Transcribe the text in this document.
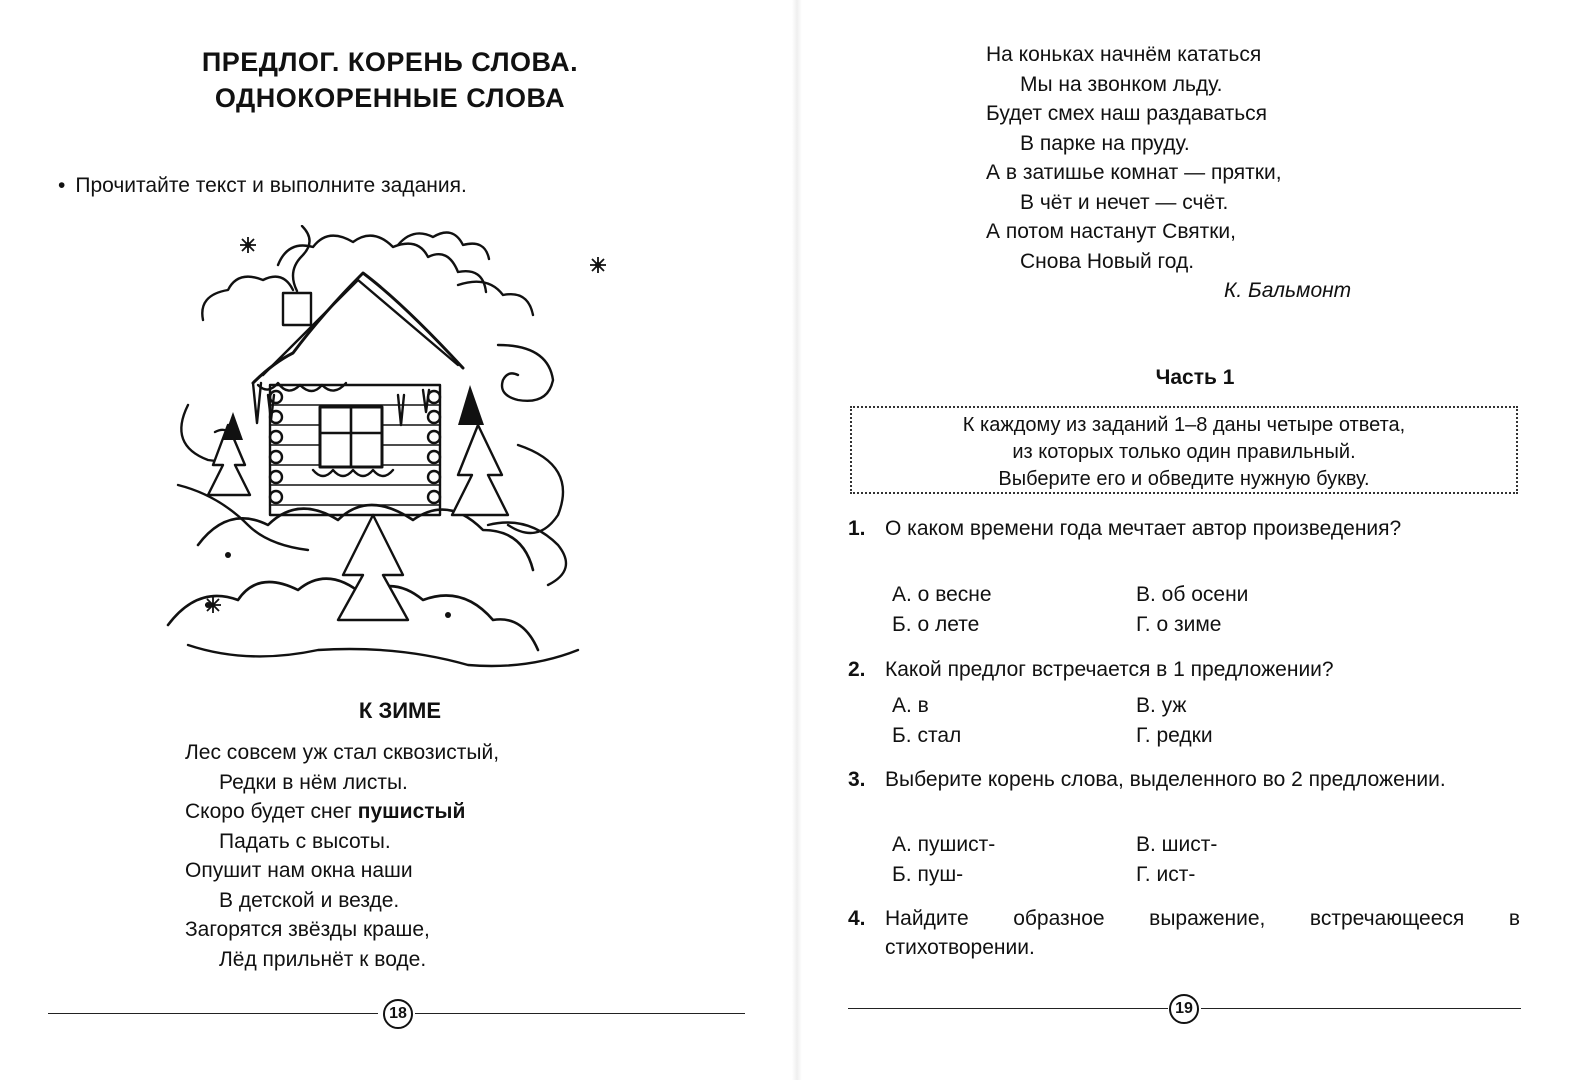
ПРЕДЛОГ. КОРЕНЬ СЛОВА.
ОДНОКОРЕННЫЕ СЛОВА
• Прочитайте текст и выполните задания.
К ЗИМЕ
Лес совсем уж стал сквозистый,
Редки в нём листы.
Скоро будет снег пушистый
Падать с высоты.
Опушит нам окна наши
В детской и везде.
Загорятся звёзды краше,
Лёд прильнёт к воде.
18
На коньках начнём кататься
Мы на звонком льду.
Будет смех наш раздаваться
В парке на пруду.
А в затишье комнат — прятки,
В чёт и нечет — счёт.
А потом настанут Святки,
Снова Новый год.
К. Бальмонт
Часть 1
К каждому из заданий 1–8 даны четыре ответа,
из которых только один правильный.
Выберите его и обведите нужную букву.
1. О каком времени года мечтает автор произведения?
А. о весне	В. об осени
Б. о лете	Г. о зиме
2. Какой предлог встречается в 1 предложении?
А. в	В. уж
Б. стал	Г. редки
3. Выберите корень слова, выделенного во 2 предложении.
А. пушист-	В. шист-
Б. пуш-	Г. ист-
4. Найдите образное выражение, встречающееся в стихотворении.
19
